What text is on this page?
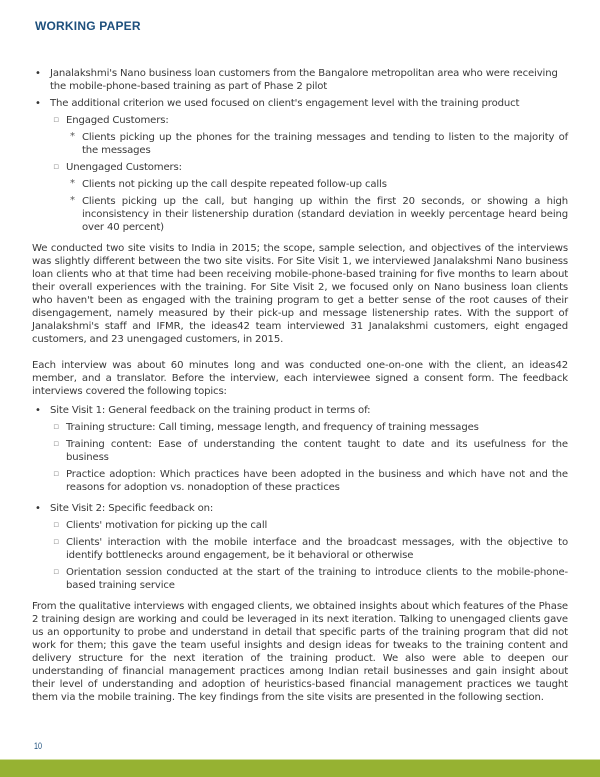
WORKING PAPER
• Janalakshmi's Nano business loan customers from the Bangalore metropolitan area who were receiving the mobile-phone-based training as part of Phase 2 pilot
• The additional criterion we used focused on client's engagement level with the training product
▫ Engaged Customers:
* Clients picking up the phones for the training messages and tending to listen to the majority of the messages
▫ Unengaged Customers:
* Clients not picking up the call despite repeated follow-up calls
* Clients picking up the call, but hanging up within the first 20 seconds, or showing a high inconsistency in their listenership duration (standard deviation in weekly percentage heard being over 40 percent)

We conducted two site visits to India in 2015; the scope, sample selection, and objectives of the interviews was slightly different between the two site visits. For Site Visit 1, we interviewed Janalakshmi Nano business loan clients who at that time had been receiving mobile-phone-based training for five months to learn about their overall experiences with the training. For Site Visit 2, we focused only on Nano business loan clients who haven't been as engaged with the training program to get a better sense of the root causes of their disengagement, namely measured by their pick-up and message listenership rates. With the support of Janalakshmi's staff and IFMR, the ideas42 team interviewed 31 Janalakshmi customers, eight engaged customers, and 23 unengaged customers, in 2015.

Each interview was about 60 minutes long and was conducted one-on-one with the client, an ideas42 member, and a translator. Before the interview, each interviewee signed a consent form. The feedback interviews covered the following topics:

• Site Visit 1: General feedback on the training product in terms of:
▫ Training structure: Call timing, message length, and frequency of training messages
▫ Training content: Ease of understanding the content taught to date and its usefulness for the business
▫ Practice adoption: Which practices have been adopted in the business and which have not and the reasons for adoption vs. nonadoption of these practices
• Site Visit 2: Specific feedback on:
▫ Clients' motivation for picking up the call
▫ Clients' interaction with the mobile interface and the broadcast messages, with the objective to identify bottlenecks around engagement, be it behavioral or otherwise
▫ Orientation session conducted at the start of the training to introduce clients to the mobile-phone-based training service

From the qualitative interviews with engaged clients, we obtained insights about which features of the Phase 2 training design are working and could be leveraged in its next iteration. Talking to unengaged clients gave us an opportunity to probe and understand in detail that specific parts of the training program that did not work for them; this gave the team useful insights and design ideas for tweaks to the training content and delivery structure for the next iteration of the training product. We also were able to deepen our understanding of financial management practices among Indian retail businesses and gain insight about their level of understanding and adoption of heuristics-based financial management practices we taught them via the mobile training. The key findings from the site visits are presented in the following section.

10
